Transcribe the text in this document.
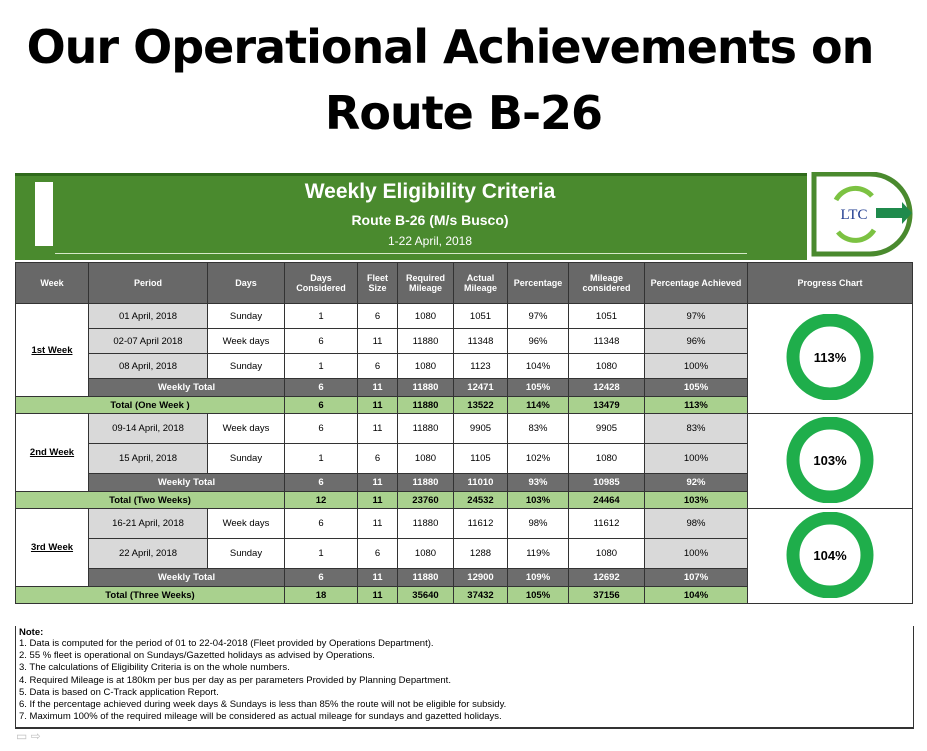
Our Operational Achievements on
Route B-26
Weekly Eligibility Criteria
Route B-26 (M/s Busco)
1-22 April, 2018
LTC
Week	Period	Days	Days Considered	Fleet Size	Required Mileage	Actual Mileage	Percentage	Mileage considered	Percentage Achieved	Progress Chart
1st Week	01 April, 2018	Sunday	1	6	1080	1051	97%	1051	97%	113%

	02-07 April 2018	Week days	6	11	11880	11348	96%	11348	96%	
	08 April, 2018	Sunday	1	6	1080	1123	104%	1080	100%	
	Weekly Total		6	11	11880	12471	105%	12428	105%	
Total (One Week )			6	11	11880	13522	114%	13479	113%	
2nd Week	09-14 April, 2018	Week days	6	11	11880	9905	83%	9905	83%	103%

	15 April, 2018	Sunday	1	6	1080	1105	102%	1080	100%	
	Weekly Total		6	11	11880	11010	93%	10985	92%	
Total (Two Weeks)			12	11	23760	24532	103%	24464	103%	
3rd Week	16-21 April, 2018	Week days	6	11	11880	11612	98%	11612	98%	104%

	22 April, 2018	Sunday	1	6	1080	1288	119%	1080	100%	
	Weekly Total		6	11	11880	12900	109%	12692	107%	
Total (Three Weeks)			18	11	35640	37432	105%	37156	104%	
Note:
1. Data is computed for the period of 01 to 22-04-2018 (Fleet provided by Operations Department).
2. 55 % fleet is operational on Sundays/Gazetted holidays as advised by Operations.
3. The calculations of Eligibility Criteria is on the whole numbers.
4. Required Mileage is at 180km per bus per day as per parameters Provided by Planning Department.
5. Data is based on C-Track application Report.
6. If the percentage achieved during week days & Sundays is less than 85% the route will not be eligible for subsidy.
7. Maximum 100% of the required mileage will be considered as actual mileage for sundays and gazetted holidays.
▭ ⇨
